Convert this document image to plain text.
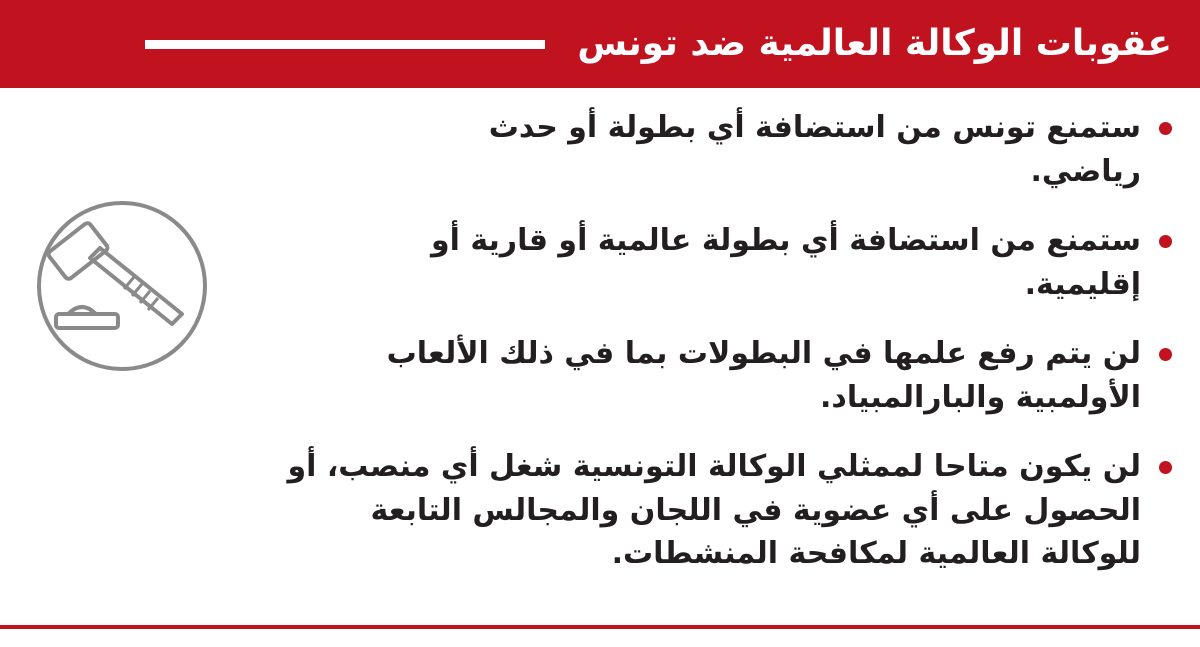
عقوبات الوكالة العالمية ضد تونس
ستمنع تونس من استضافة أي بطولة أو حدث رياضي.
ستمنع من استضافة أي بطولة عالمية أو قارية أو إقليمية.
لن يتم رفع علمها في البطولات بما في ذلك الألعاب الأولمبية والبارالمبياد.
لن يكون متاحا لممثلي الوكالة التونسية شغل أي منصب، أو الحصول على أي عضوية في اللجان والمجالس التابعة للوكالة العالمية لمكافحة المنشطات.
